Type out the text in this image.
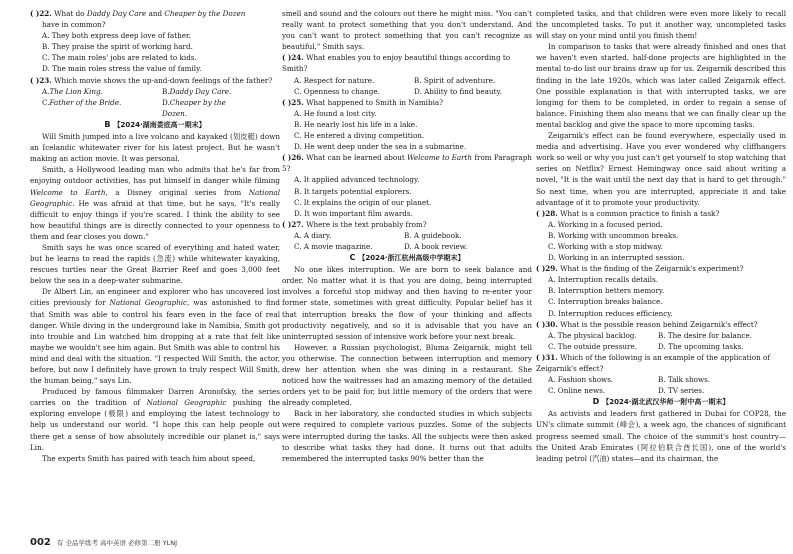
( )22. What do Daddy Day Care and Cheaper by the Dozen

have in common?

A. They both express deep love of father.

B. They praise the spirit of working hard.

C. The main roles' jobs are related to kids.

D. The main roles stress the value of family.

( )23. Which movie shows the up-and-down feelings of the father?

A.The Lion King.	B.Daddy Day Care.
C.Father of the Bride.	D.Cheaper by the Dozen.

B 【2024·湖南娄底高一期末】

Will Smith jumped into a live volcano and kayaked (划皮艇) down an Icelandic whitewater river for his latest project. But he wasn't making an action movie. It was personal.

Smith, a Hollywood leading man who admits that he's far from enjoying outdoor activities, has put himself in danger while filming Welcome to Earth, a Disney original series from National Geographic. He was afraid at that time, but he says, "It's really difficult to enjoy things if you're scared. I think the ability to see how beautiful things are is directly connected to your openness to them and fear closes you down."

Smith says he was once scared of everything and hated water, but he learns to read the rapids (急流) while whitewater kayaking, rescues turtles near the Great Barrier Reef and goes 3,000 feet below the sea in a deep-water submarine.

Dr Albert Lin, an engineer and explorer who has uncovered lost cities previously for National Geographic, was astonished to find that Smith was able to control his fears even in the face of real danger. While diving in the underground lake in Namibia, Smith got into trouble and Lin watched him dropping at a rate that felt like maybe we wouldn't see him again. But Smith was able to control his mind and deal with the situation. "I respected Will Smith, the actor, before, but now I definitely have grown to truly respect Will Smith, the human being," says Lin.

Produced by famous filmmaker Darren Aronofsky, the series carries on the tradition of National Geographic pushing the exploring envelope (极限) and employing the latest technology to help us understand our world. "I hope this can help people out there get a sense of how absolutely incredible our planet is," says Lin.

The experts Smith has paired with teach him about speed,

smell and sound and the colours out there he might miss. "You can't really want to protect something that you don't understand. And you can't want to protect something that you can't recognize as beautiful," Smith says.

( )24. What enables you to enjoy beautiful things according to Smith?

A. Respect for nature.	B. Spirit of adventure.
C. Openness to change.	D. Ability to find beauty.

( )25. What happened to Smith in Namibia?

A. He found a lost city.

B. He nearly lost his life in a lake.

C. He entered a diving competition.

D. He went deep under the sea in a submarine.

( )26. What can be learned about Welcome to Earth from Paragraph 5?

A. It applied advanced technology.

B. It targets potential explorers.

C. It explains the origin of our planet.

D. It won important film awards.

( )27. Where is the text probably from?

A. A diary.	B. A guidebook.
C. A movie magazine.	D. A book review.

C 【2024·浙江杭州高级中学期末】

No one likes interruption. We are born to seek balance and order. No matter what it is that you are doing, being interrupted involves a forceful stop midway and then having to re-enter your former state, sometimes with great difficulty. Popular belief has it that interruption breaks the flow of your thinking and affects productivity negatively, and so it is advisable that you have an uninterrupted session of intensive work before your next break.

However, a Russian psychologist, Bluma Zeigarnik, might tell you otherwise. The connection between interruption and memory drew her attention when she was dining in a restaurant. She noticed how the waitresses had an amazing memory of the detailed orders yet to be paid for, but little memory of the orders that were already completed.

Back in her laboratory, she conducted studies in which subjects were required to complete various puzzles. Some of the subjects were interrupted during the tasks. All the subjects were then asked to describe what tasks they had done. It turns out that adults remembered the interrupted tasks 90% better than the

completed tasks, and that children were even more likely to recall the uncompleted tasks. To put it another way, uncompleted tasks will stay on your mind until you finish them!

In comparison to tasks that were already finished and ones that we haven't even started, half-done projects are highlighted in the mental to-do list our brains draw up for us. Zeigarnik described this finding in the late 1920s, which was later called Zeigarnik effect. One possible explanation is that with interrupted tasks, we are longing for them to be completed, in order to regain a sense of balance. Finishing them also means that we can finally clear up the mental backlog and give the space to more upcoming tasks.

Zeigarnik's effect can be found everywhere, especially used in media and advertising. Have you ever wondered why cliffhangers work so well or why you just can't get yourself to stop watching that series on Netflix? Ernest Hemingway once said about writing a novel, "It is the wait until the next day that is hard to get through." So next time, when you are interrupted, appreciate it and take advantage of it to promote your productivity.

( )28. What is a common practice to finish a task?

A. Working in a focused period.

B. Working with uncommon breaks.

C. Working with a stop midway.

D. Working in an interrupted session.

( )29. What is the finding of the Zeigarnik's experiment?

A. Interruption recalls details.

B. Interruption betters memory.

C. Interruption breaks balance.

D. Interruption reduces efficiency.

( )30. What is the possible reason behind Zeigarnik's effect?

A. The physical backlog.	B. The desire for balance.
C. The outside pressure.	D. The upcoming tasks.

( )31. Which of the following is an example of the application of Zeigarnik's effect?

A. Fashion shows.	B. Talk shows.
C. Online news.	D. TV series.

D 【2024·湖北武汉华师一附中高一期末】

As activists and leaders first gathered in Dubai for COP28, the UN's climate summit (峰会), a week ago, the chances of significant progress seemed small. The choice of the summit's host country—the United Arab Emirates (阿拉伯联合酋长国), one of the world's leading petrol (汽油) states—and its chairman, the

002 有 全品学练考 高中英语 必修第二册 YLNJ
